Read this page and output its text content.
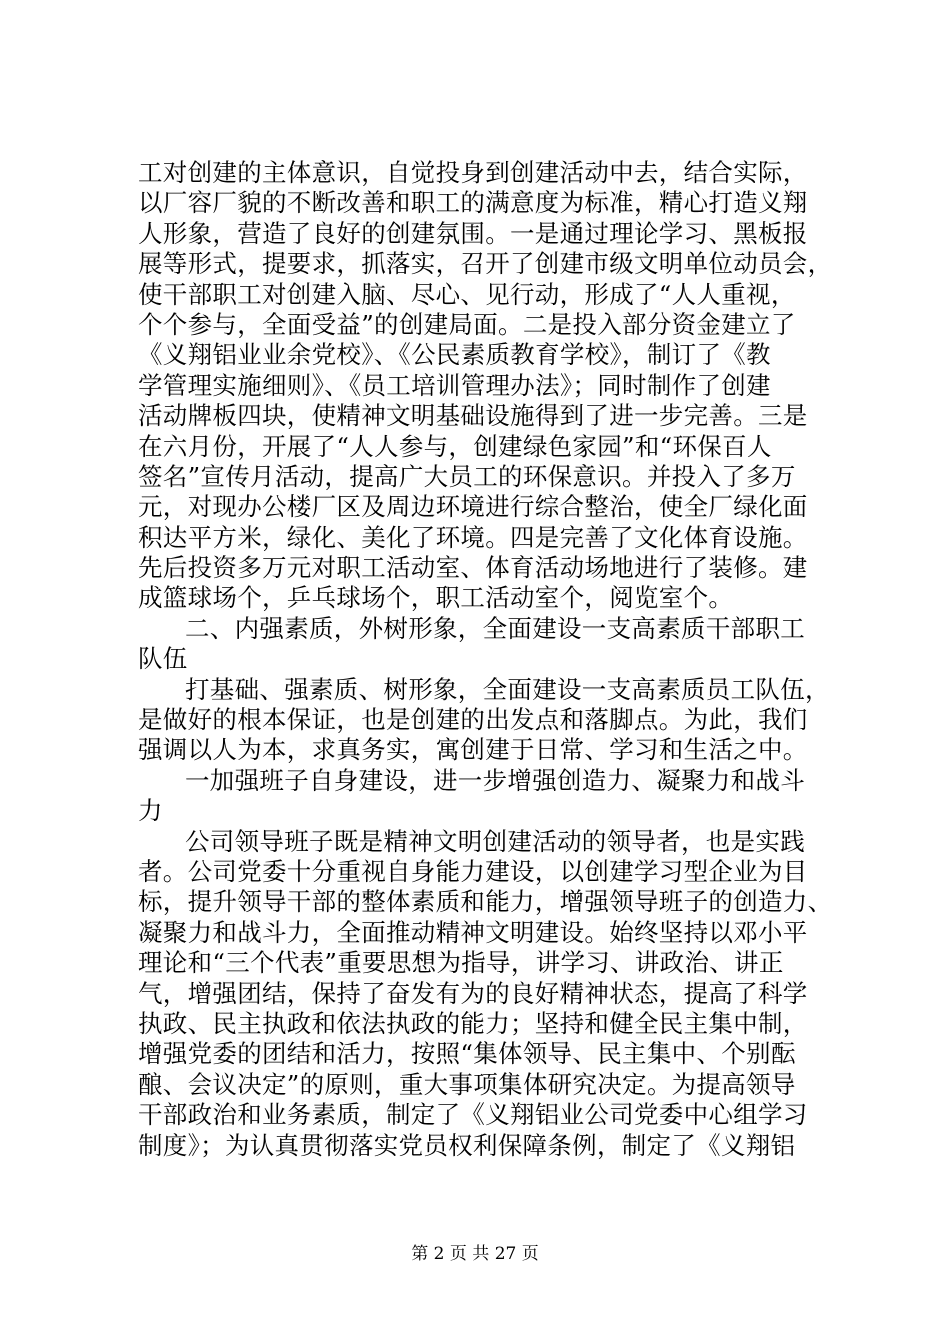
工对创建的主体意识，自觉投身到创建活动中去，结合实际，
以厂容厂貌的不断改善和职工的满意度为标准，精心打造义翔
人形象，营造了良好的创建氛围。一是通过理论学习、黑板报
展等形式，提要求，抓落实，召开了创建市级文明单位动员会，
使干部职工对创建入脑、尽心、见行动，形成了“人人重视，
个个参与，全面受益”的创建局面。二是投入部分资金建立了
《义翔铝业业余党校》、《公民素质教育学校》，制订了《教
学管理实施细则》、《员工培训管理办法》；同时制作了创建
活动牌板四块，使精神文明基础设施得到了进一步完善。三是
在六月份，开展了“人人参与，创建绿色家园”和“环保百人
签名”宣传月活动，提高广大员工的环保意识。并投入了多万
元，对现办公楼厂区及周边环境进行综合整治，使全厂绿化面
积达平方米，绿化、美化了环境。四是完善了文化体育设施。
先后投资多万元对职工活动室、体育活动场地进行了装修。建
成篮球场个，乒乓球场个，职工活动室个，阅览室个。
二、内强素质，外树形象，全面建设一支高素质干部职工
队伍
打基础、强素质、树形象，全面建设一支高素质员工队伍，
是做好的根本保证，也是创建的出发点和落脚点。为此，我们
强调以人为本，求真务实，寓创建于日常、学习和生活之中。
一加强班子自身建设，进一步增强创造力、凝聚力和战斗
力
公司领导班子既是精神文明创建活动的领导者，也是实践
者。公司党委十分重视自身能力建设，以创建学习型企业为目
标，提升领导干部的整体素质和能力，增强领导班子的创造力、
凝聚力和战斗力，全面推动精神文明建设。始终坚持以邓小平
理论和“三个代表”重要思想为指导，讲学习、讲政治、讲正
气，增强团结，保持了奋发有为的良好精神状态，提高了科学
执政、民主执政和依法执政的能力；坚持和健全民主集中制，
增强党委的团结和活力，按照“集体领导、民主集中、个别酝
酿、会议决定”的原则，重大事项集体研究决定。为提高领导
干部政治和业务素质，制定了《义翔铝业公司党委中心组学习
制度》；为认真贯彻落实党员权利保障条例，制定了《义翔铝
第 2 页 共 27 页
